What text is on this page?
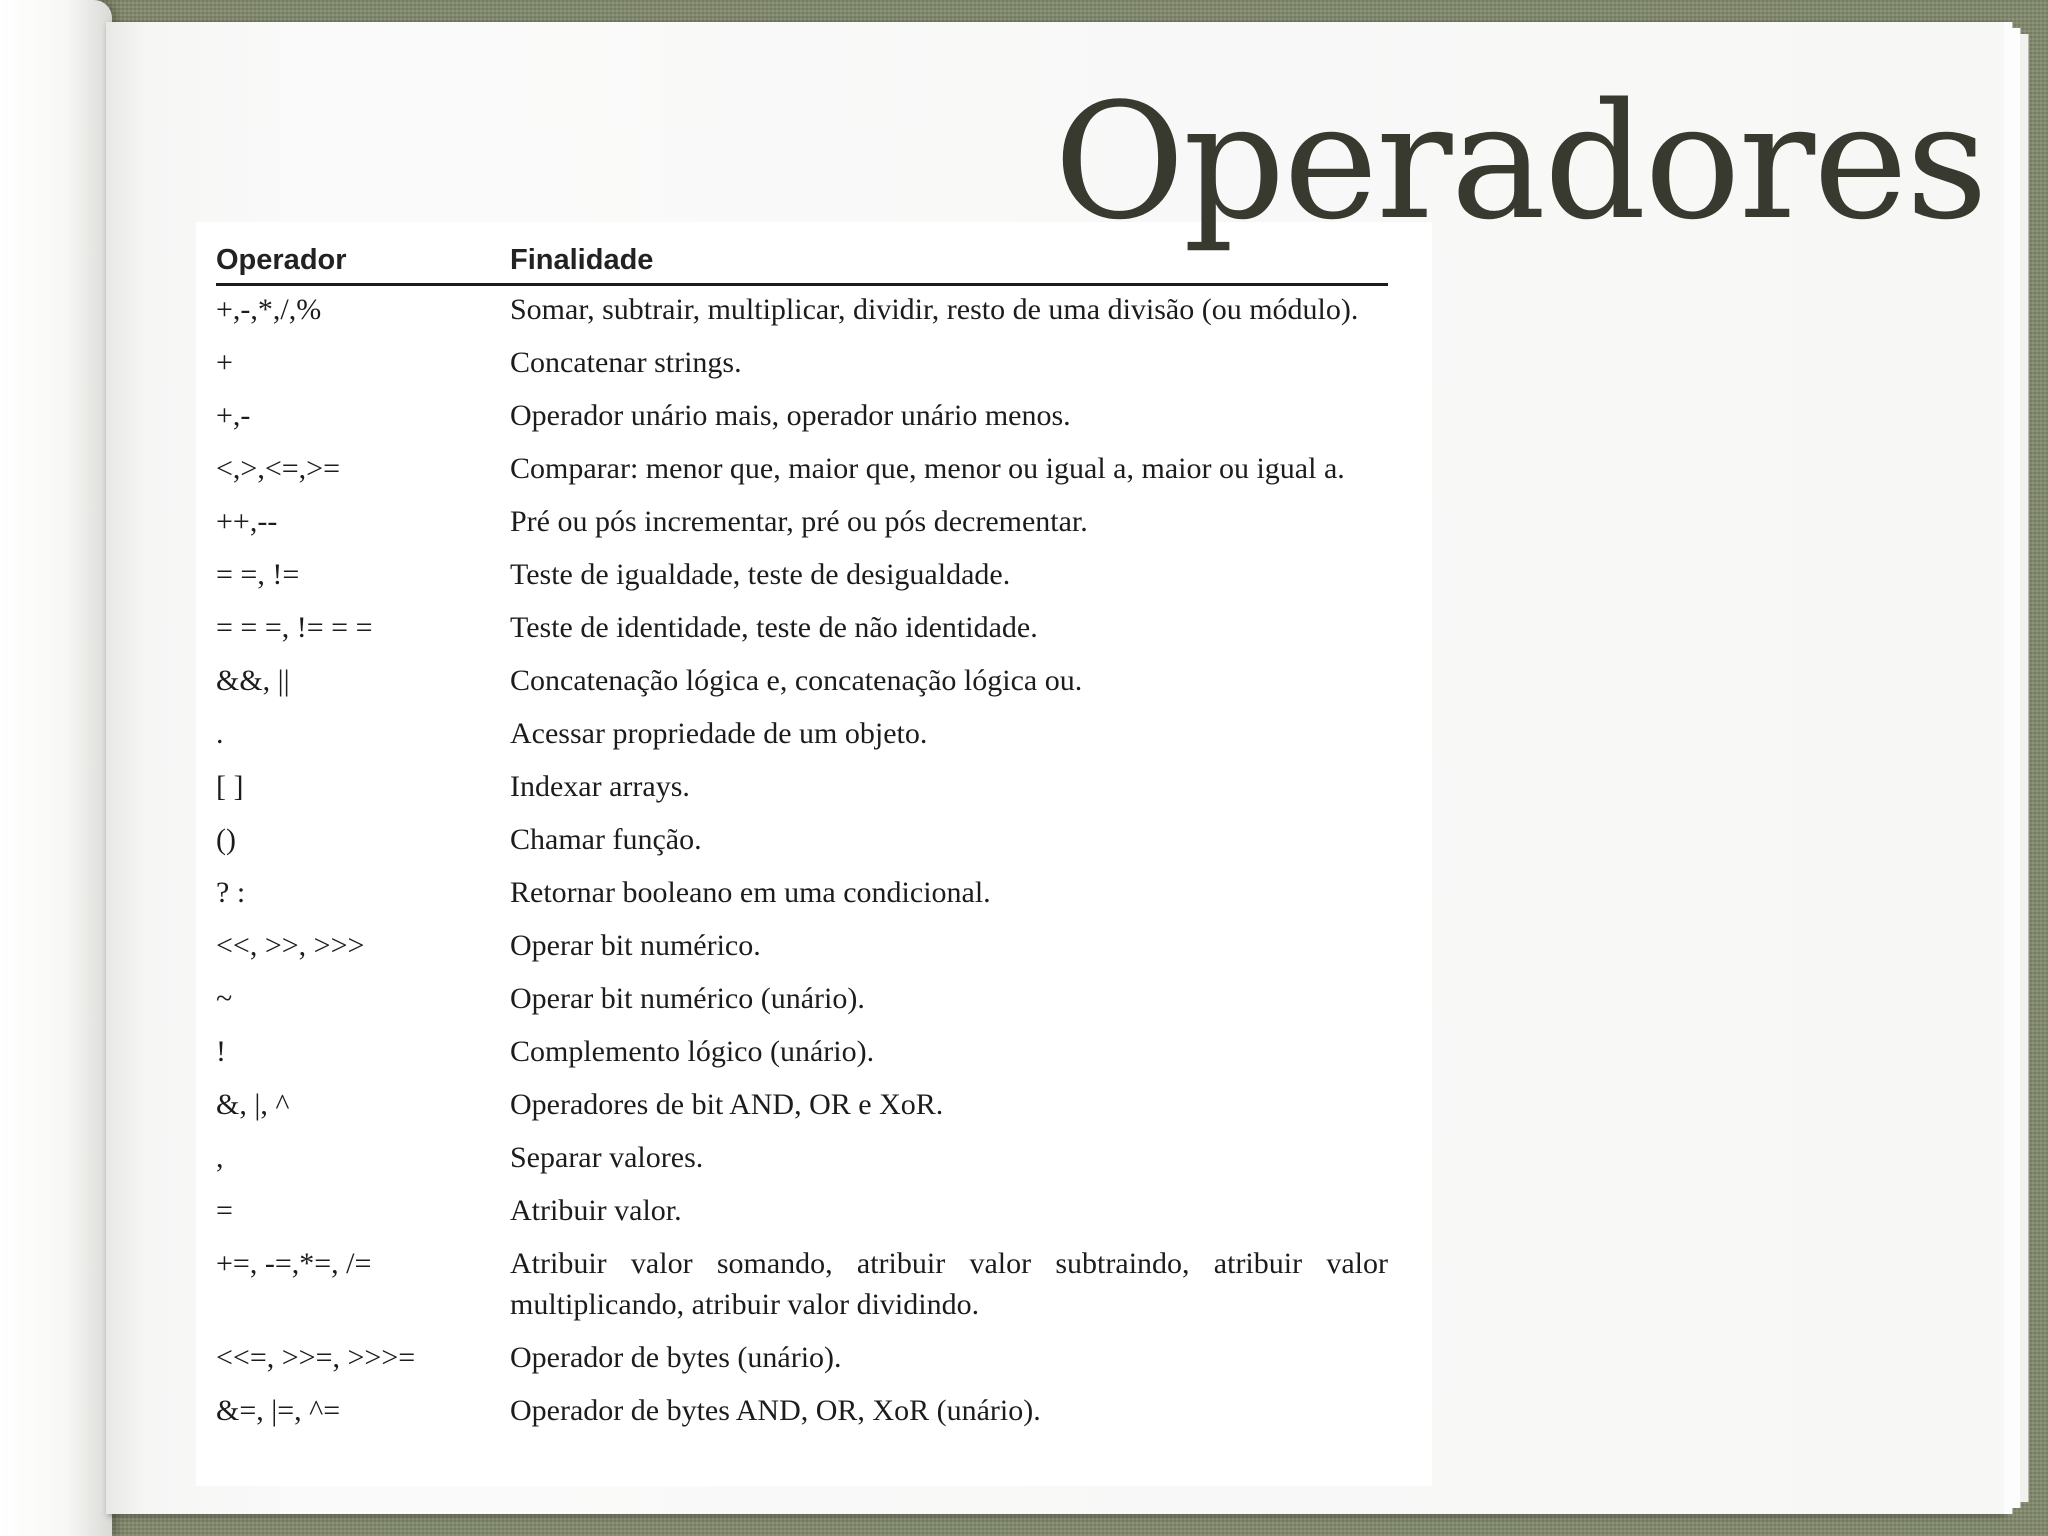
Operador	Finalidade
+,-,*,/,%	Somar, subtrair, multiplicar, dividir, resto de uma divisão (ou módulo).
+	Concatenar strings.
+,-	Operador unário mais, operador unário menos.
<,>,<=,>=	Comparar: menor que, maior que, menor ou igual a, maior ou igual a.
++,--	Pré ou pós incrementar, pré ou pós decrementar.
= =, !=	Teste de igualdade, teste de desigualdade.
= = =, != = =	Teste de identidade, teste de não identidade.
&&, ||	Concatenação lógica e, concatenação lógica ou.
.	Acessar propriedade de um objeto.
[ ]	Indexar arrays.
()	Chamar função.
? :	Retornar booleano em uma condicional.
<<, >>, >>>	Operar bit numérico.
~	Operar bit numérico (unário).
!	Complemento lógico (unário).
&, |, ^	Operadores de bit AND, OR e XoR.
,	Separar valores.
=	Atribuir valor.
+=, -=,*=, /=	Atribuir valor somando, atribuir valor subtraindo, atribuir valor multiplicando, atribuir valor dividindo.
<<=, >>=, >>>=	Operador de bytes (unário).
&=, |=, ^=	Operador de bytes AND, OR, XoR (unário).
Operadores
